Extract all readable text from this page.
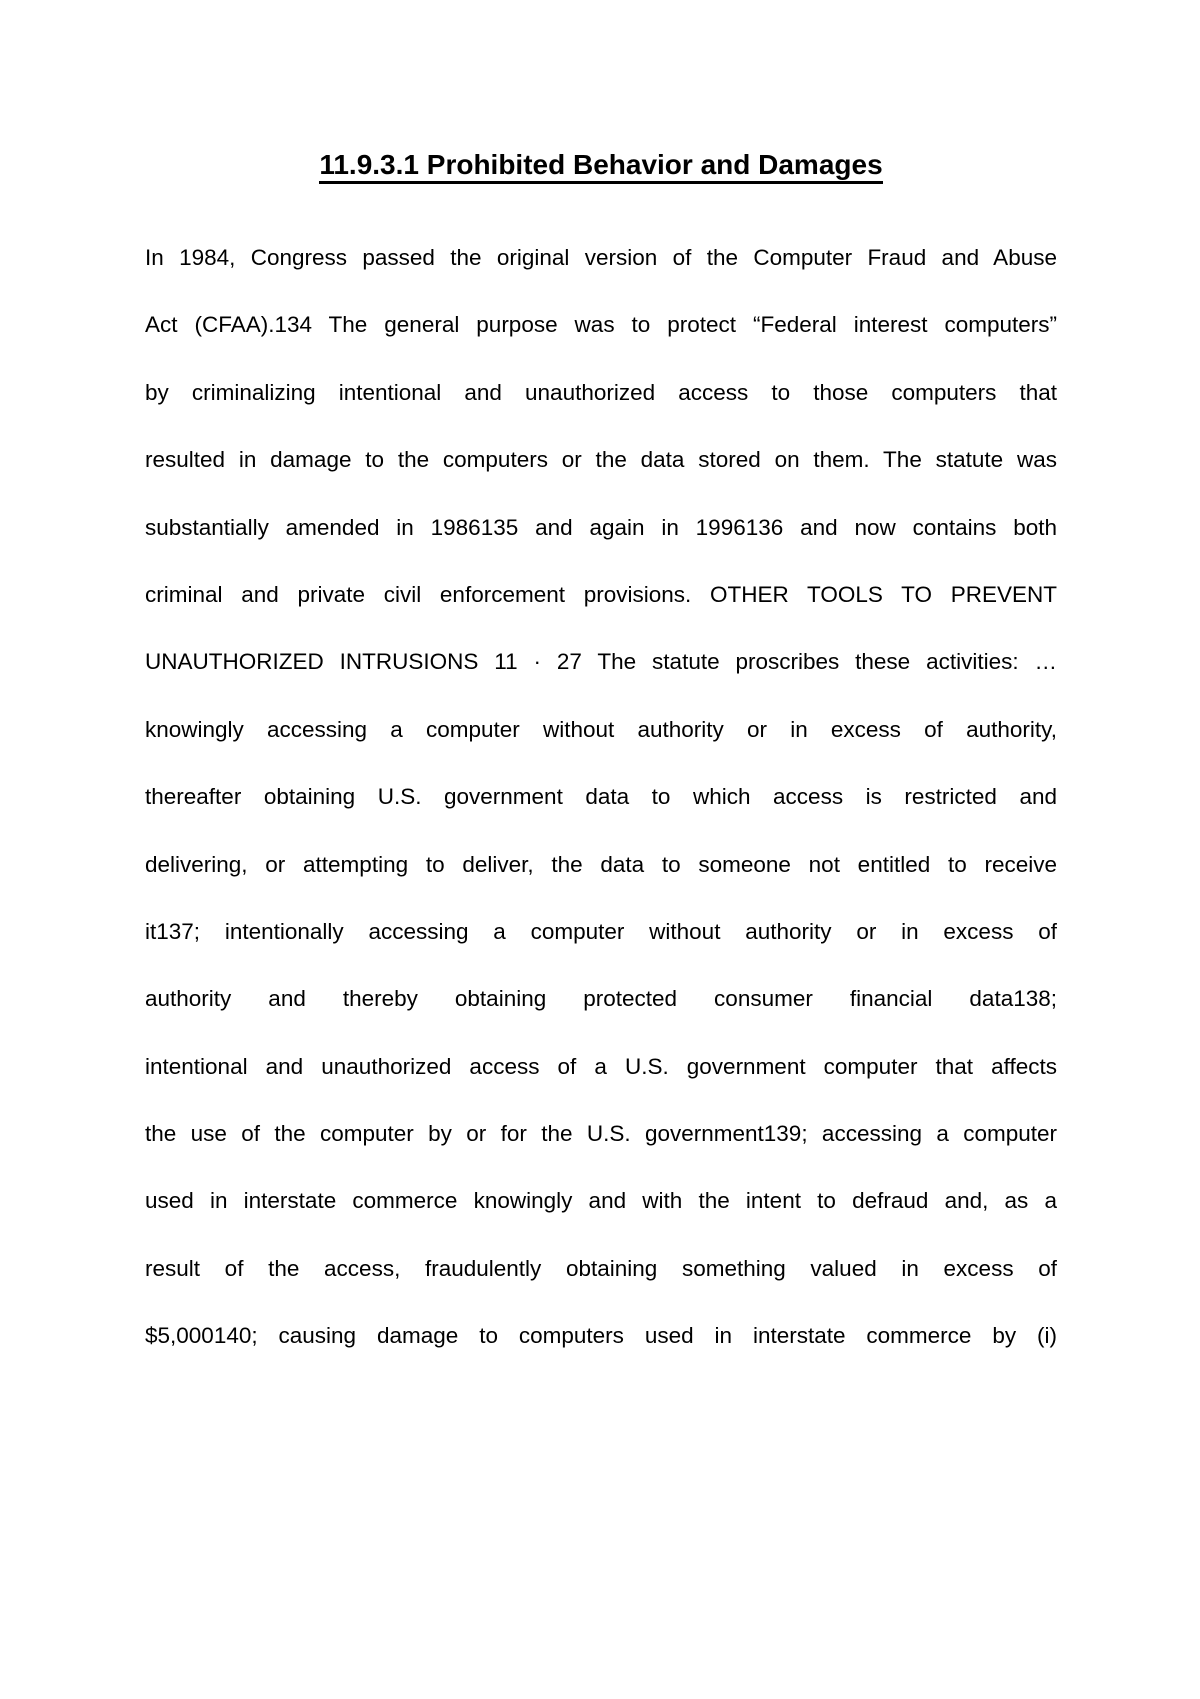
11.9.3.1 Prohibited Behavior and Damages
In 1984, Congress passed the original version of the Computer Fraud and Abuse
Act (CFAA).134 The general purpose was to protect “Federal interest computers”
by criminalizing intentional and unauthorized access to those computers that
resulted in damage to the computers or the data stored on them. The statute was
substantially amended in 1986135 and again in 1996136 and now contains both
criminal and private civil enforcement provisions. OTHER TOOLS TO PREVENT
UNAUTHORIZED INTRUSIONS 11 · 27 The statute proscribes these activities: …
knowingly accessing a computer without authority or in excess of authority,
thereafter obtaining U.S. government data to which access is restricted and
delivering, or attempting to deliver, the data to someone not entitled to receive
it137; intentionally accessing a computer without authority or in excess of
authority and thereby obtaining protected consumer financial data138;
intentional and unauthorized access of a U.S. government computer that affects
the use of the computer by or for the U.S. government139; accessing a computer
used in interstate commerce knowingly and with the intent to defraud and, as a
result of the access, fraudulently obtaining something valued in excess of
$5,000140; causing damage to computers used in interstate commerce by (i)
